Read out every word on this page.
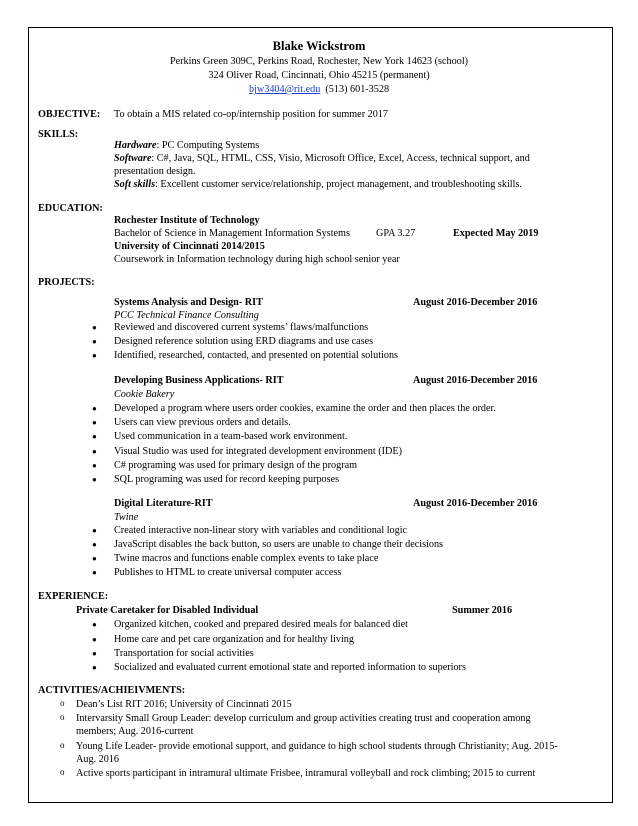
Blake Wickstrom
Perkins Green 309C, Perkins Road, Rochester, New York 14623 (school)
324 Oliver Road, Cincinnati, Ohio 45215 (permanent)
bjw3404@rit.edu (513) 601-3528
OBJECTIVE: To obtain a MIS related co-op/internship position for summer 2017
SKILLS:
Hardware: PC Computing Systems
Software: C#, Java, SQL, HTML, CSS, Visio, Microsoft Office, Excel, Access, technical support, and
presentation design.
Soft skills: Excellent customer service/relationship, project management, and troubleshooting skills.
EDUCATION:
Rochester Institute of Technology
Bachelor of Science in Management Information Systems	GPA 3.27	Expected May 2019
University of Cincinnati 2014/2015
Coursework in Information technology during high school senior year
PROJECTS:
Systems Analysis and Design- RIT	August 2016-December 2016
PCC Technical Finance Consulting
● Reviewed and discovered current systems’ flaws/malfunctions
● Designed reference solution using ERD diagrams and use cases
● Identified, researched, contacted, and presented on potential solutions
Developing Business Applications- RIT	August 2016-December 2016
Cookie Bakery
● Developed a program where users order cookies, examine the order and then places the order.
● Users can view previous orders and details.
● Used communication in a team-based work environment.
● Visual Studio was used for integrated development environment (IDE)
● C# programing was used for primary design of the program
● SQL programing was used for record keeping purposes
Digital Literature-RIT	August 2016-December 2016
Twine
● Created interactive non-linear story with variables and conditional logic
● JavaScript disables the back button, so users are unable to change their decisions
● Twine macros and functions enable complex events to take place
● Publishes to HTML to create universal computer access
EXPERIENCE:
Private Caretaker for Disabled Individual	Summer 2016
● Organized kitchen, cooked and prepared desired meals for balanced diet
● Home care and pet care organization and for healthy living
● Transportation for social activities
● Socialized and evaluated current emotional state and reported information to superiors
ACTIVITIES/ACHIEIVMENTS:
o Dean’s List RIT 2016; University of Cincinnati 2015
o Intervarsity Small Group Leader: develop curriculum and group activities creating trust and cooperation among
members; Aug. 2016-current
o Young Life Leader- provide emotional support, and guidance to high school students through Christianity; Aug. 2015-
Aug. 2016
o Active sports participant in intramural ultimate Frisbee, intramural volleyball and rock climbing; 2015 to current
